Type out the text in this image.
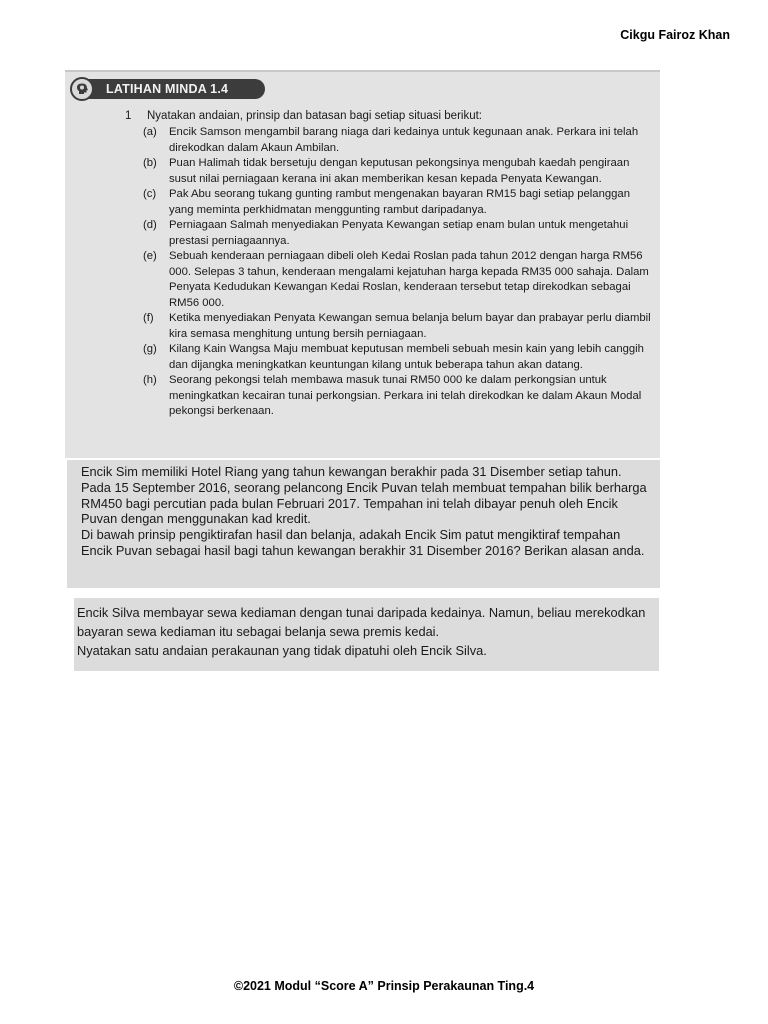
Cikgu Fairoz Khan
LATIHAN MINDA 1.4
1 Nyatakan andaian, prinsip dan batasan bagi setiap situasi berikut:
(a)	Encik Samson mengambil barang niaga dari kedainya untuk kegunaan anak. Perkara ini telah direkodkan dalam Akaun Ambilan.
(b)	Puan Halimah tidak bersetuju dengan keputusan pekongsinya mengubah kaedah pengiraan susut nilai perniagaan kerana ini akan memberikan kesan kepada Penyata Kewangan.
(c)	Pak Abu seorang tukang gunting rambut mengenakan bayaran RM15 bagi setiap pelanggan yang meminta perkhidmatan menggunting rambut daripadanya.
(d)	Perniagaan Salmah menyediakan Penyata Kewangan setiap enam bulan untuk mengetahui prestasi perniagaannya.
(e)	Sebuah kenderaan perniagaan dibeli oleh Kedai Roslan pada tahun 2012 dengan harga RM56 000. Selepas 3 tahun, kenderaan mengalami kejatuhan harga kepada RM35 000 sahaja. Dalam Penyata Kedudukan Kewangan Kedai Roslan, kenderaan tersebut tetap direkodkan sebagai RM56 000.
(f)	Ketika menyediakan Penyata Kewangan semua belanja belum bayar dan prabayar perlu diambil kira semasa menghitung untung bersih perniagaan.
(g)	Kilang Kain Wangsa Maju membuat keputusan membeli sebuah mesin kain yang lebih canggih dan dijangka meningkatkan keuntungan kilang untuk beberapa tahun akan datang.
(h)	Seorang pekongsi telah membawa masuk tunai RM50 000 ke dalam perkongsian untuk meningkatkan kecairan tunai perkongsian. Perkara ini telah direkodkan ke dalam Akaun Modal pekongsi berkenaan.

Encik Sim memiliki Hotel Riang yang tahun kewangan berakhir pada 31 Disember setiap tahun. Pada 15 September 2016, seorang pelancong Encik Puvan telah membuat tempahan bilik berharga RM450 bagi percutian pada bulan Februari 2017. Tempahan ini telah dibayar penuh oleh Encik Puvan dengan menggunakan kad kredit.

Di bawah prinsip pengiktirafan hasil dan belanja, adakah Encik Sim patut mengiktiraf tempahan Encik Puvan sebagai hasil bagi tahun kewangan berakhir 31 Disember 2016? Berikan alasan anda.

Encik Silva membayar sewa kediaman dengan tunai daripada kedainya. Namun, beliau merekodkan bayaran sewa kediaman itu sebagai belanja sewa premis kedai.

Nyatakan satu andaian perakaunan yang tidak dipatuhi oleh Encik Silva.

©2021 Modul “Score A” Prinsip Perakaunan Ting.4
